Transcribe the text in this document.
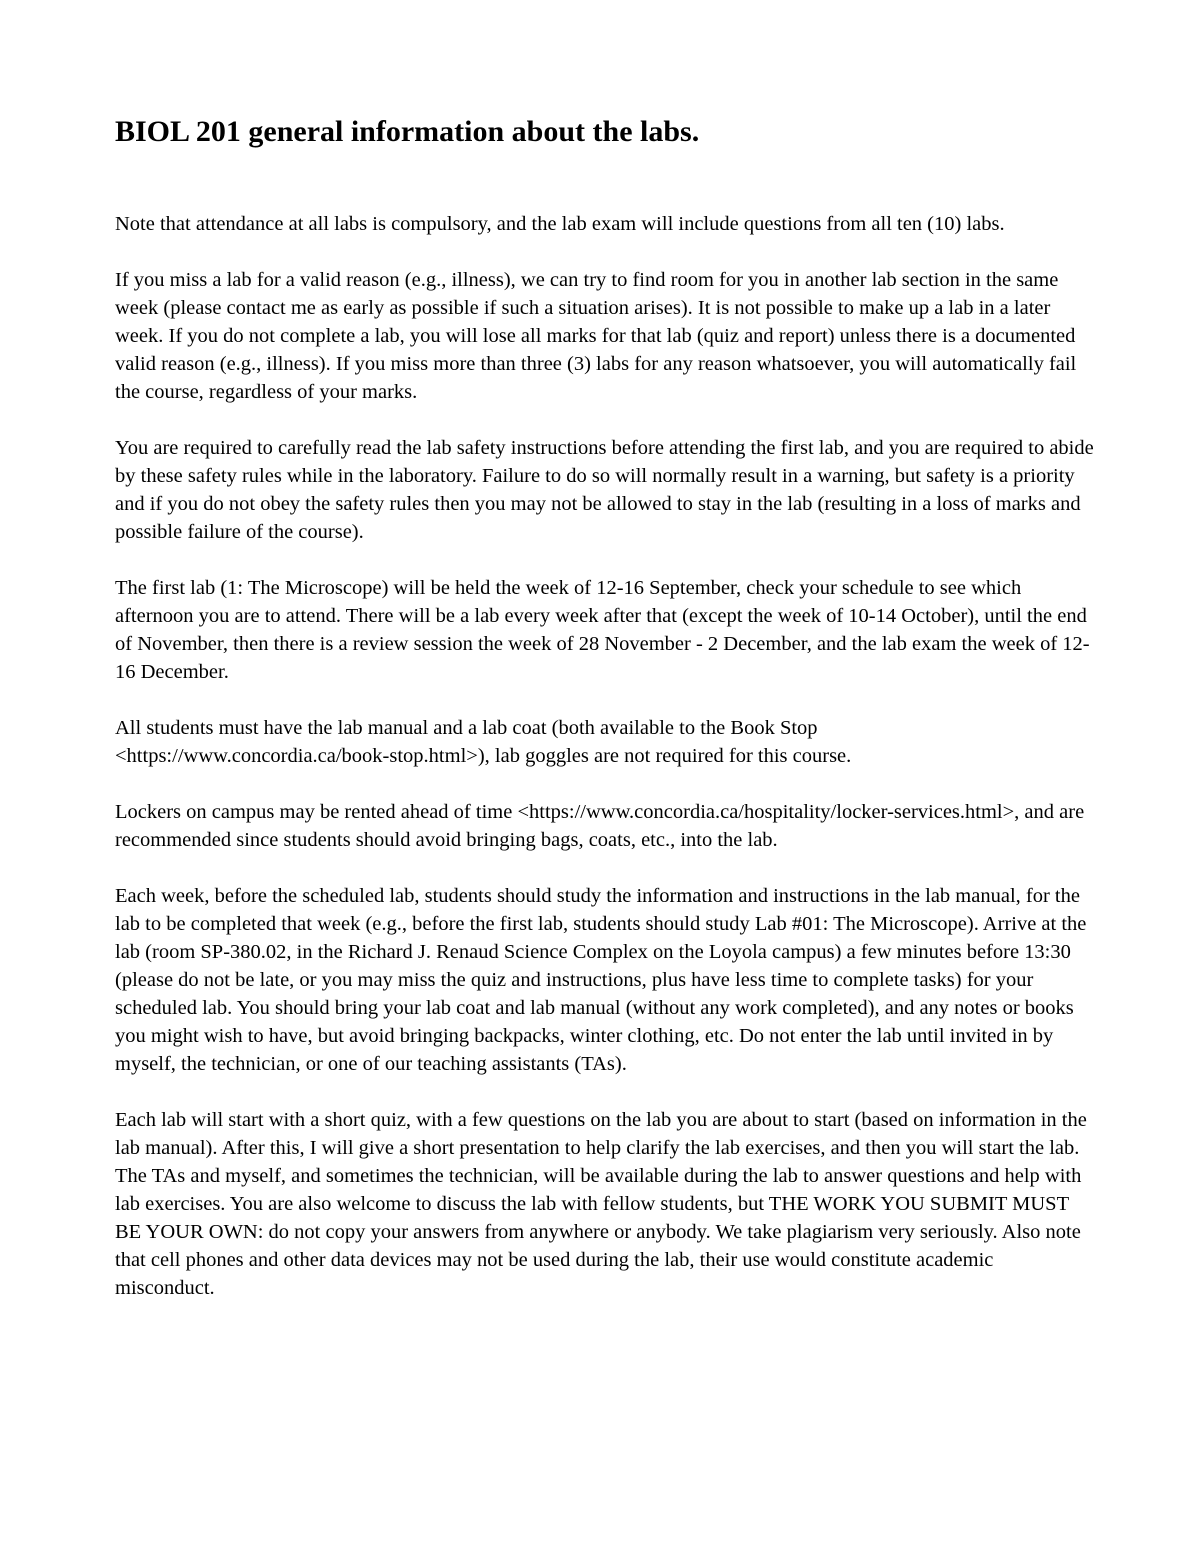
BIOL 201 general information about the labs.

Note that attendance at all labs is compulsory, and the lab exam will include questions from all ten (10) labs.

If you miss a lab for a valid reason (e.g., illness), we can try to find room for you in another lab section in the same week (please contact me as early as possible if such a situation arises). It is not possible to make up a lab in a later week. If you do not complete a lab, you will lose all marks for that lab (quiz and report) unless there is a documented valid reason (e.g., illness). If you miss more than three (3) labs for any reason whatsoever, you will automatically fail the course, regardless of your marks.

You are required to carefully read the lab safety instructions before attending the first lab, and you are required to abide by these safety rules while in the laboratory. Failure to do so will normally result in a warning, but safety is a priority and if you do not obey the safety rules then you may not be allowed to stay in the lab (resulting in a loss of marks and possible failure of the course).

The first lab (1: The Microscope) will be held the week of 12-16 September, check your schedule to see which afternoon you are to attend. There will be a lab every week after that (except the week of 10-14 October), until the end of November, then there is a review session the week of 28 November - 2 December, and the lab exam the week of 12-16 December.

All students must have the lab manual and a lab coat (both available to the Book Stop <https://www.concordia.ca/book-stop.html>), lab goggles are not required for this course.

Lockers on campus may be rented ahead of time <https://www.concordia.ca/hospitality/locker-services.html>, and are recommended since students should avoid bringing bags, coats, etc., into the lab.

Each week, before the scheduled lab, students should study the information and instructions in the lab manual, for the lab to be completed that week (e.g., before the first lab, students should study Lab #01: The Microscope). Arrive at the lab (room SP-380.02, in the Richard J. Renaud Science Complex on the Loyola campus) a few minutes before 13:30 (please do not be late, or you may miss the quiz and instructions, plus have less time to complete tasks) for your scheduled lab. You should bring your lab coat and lab manual (without any work completed), and any notes or books you might wish to have, but avoid bringing backpacks, winter clothing, etc. Do not enter the lab until invited in by myself, the technician, or one of our teaching assistants (TAs).

Each lab will start with a short quiz, with a few questions on the lab you are about to start (based on information in the lab manual). After this, I will give a short presentation to help clarify the lab exercises, and then you will start the lab. The TAs and myself, and sometimes the technician, will be available during the lab to answer questions and help with lab exercises. You are also welcome to discuss the lab with fellow students, but THE WORK YOU SUBMIT MUST BE YOUR OWN: do not copy your answers from anywhere or anybody. We take plagiarism very seriously. Also note that cell phones and other data devices may not be used during the lab, their use would constitute academic misconduct.
